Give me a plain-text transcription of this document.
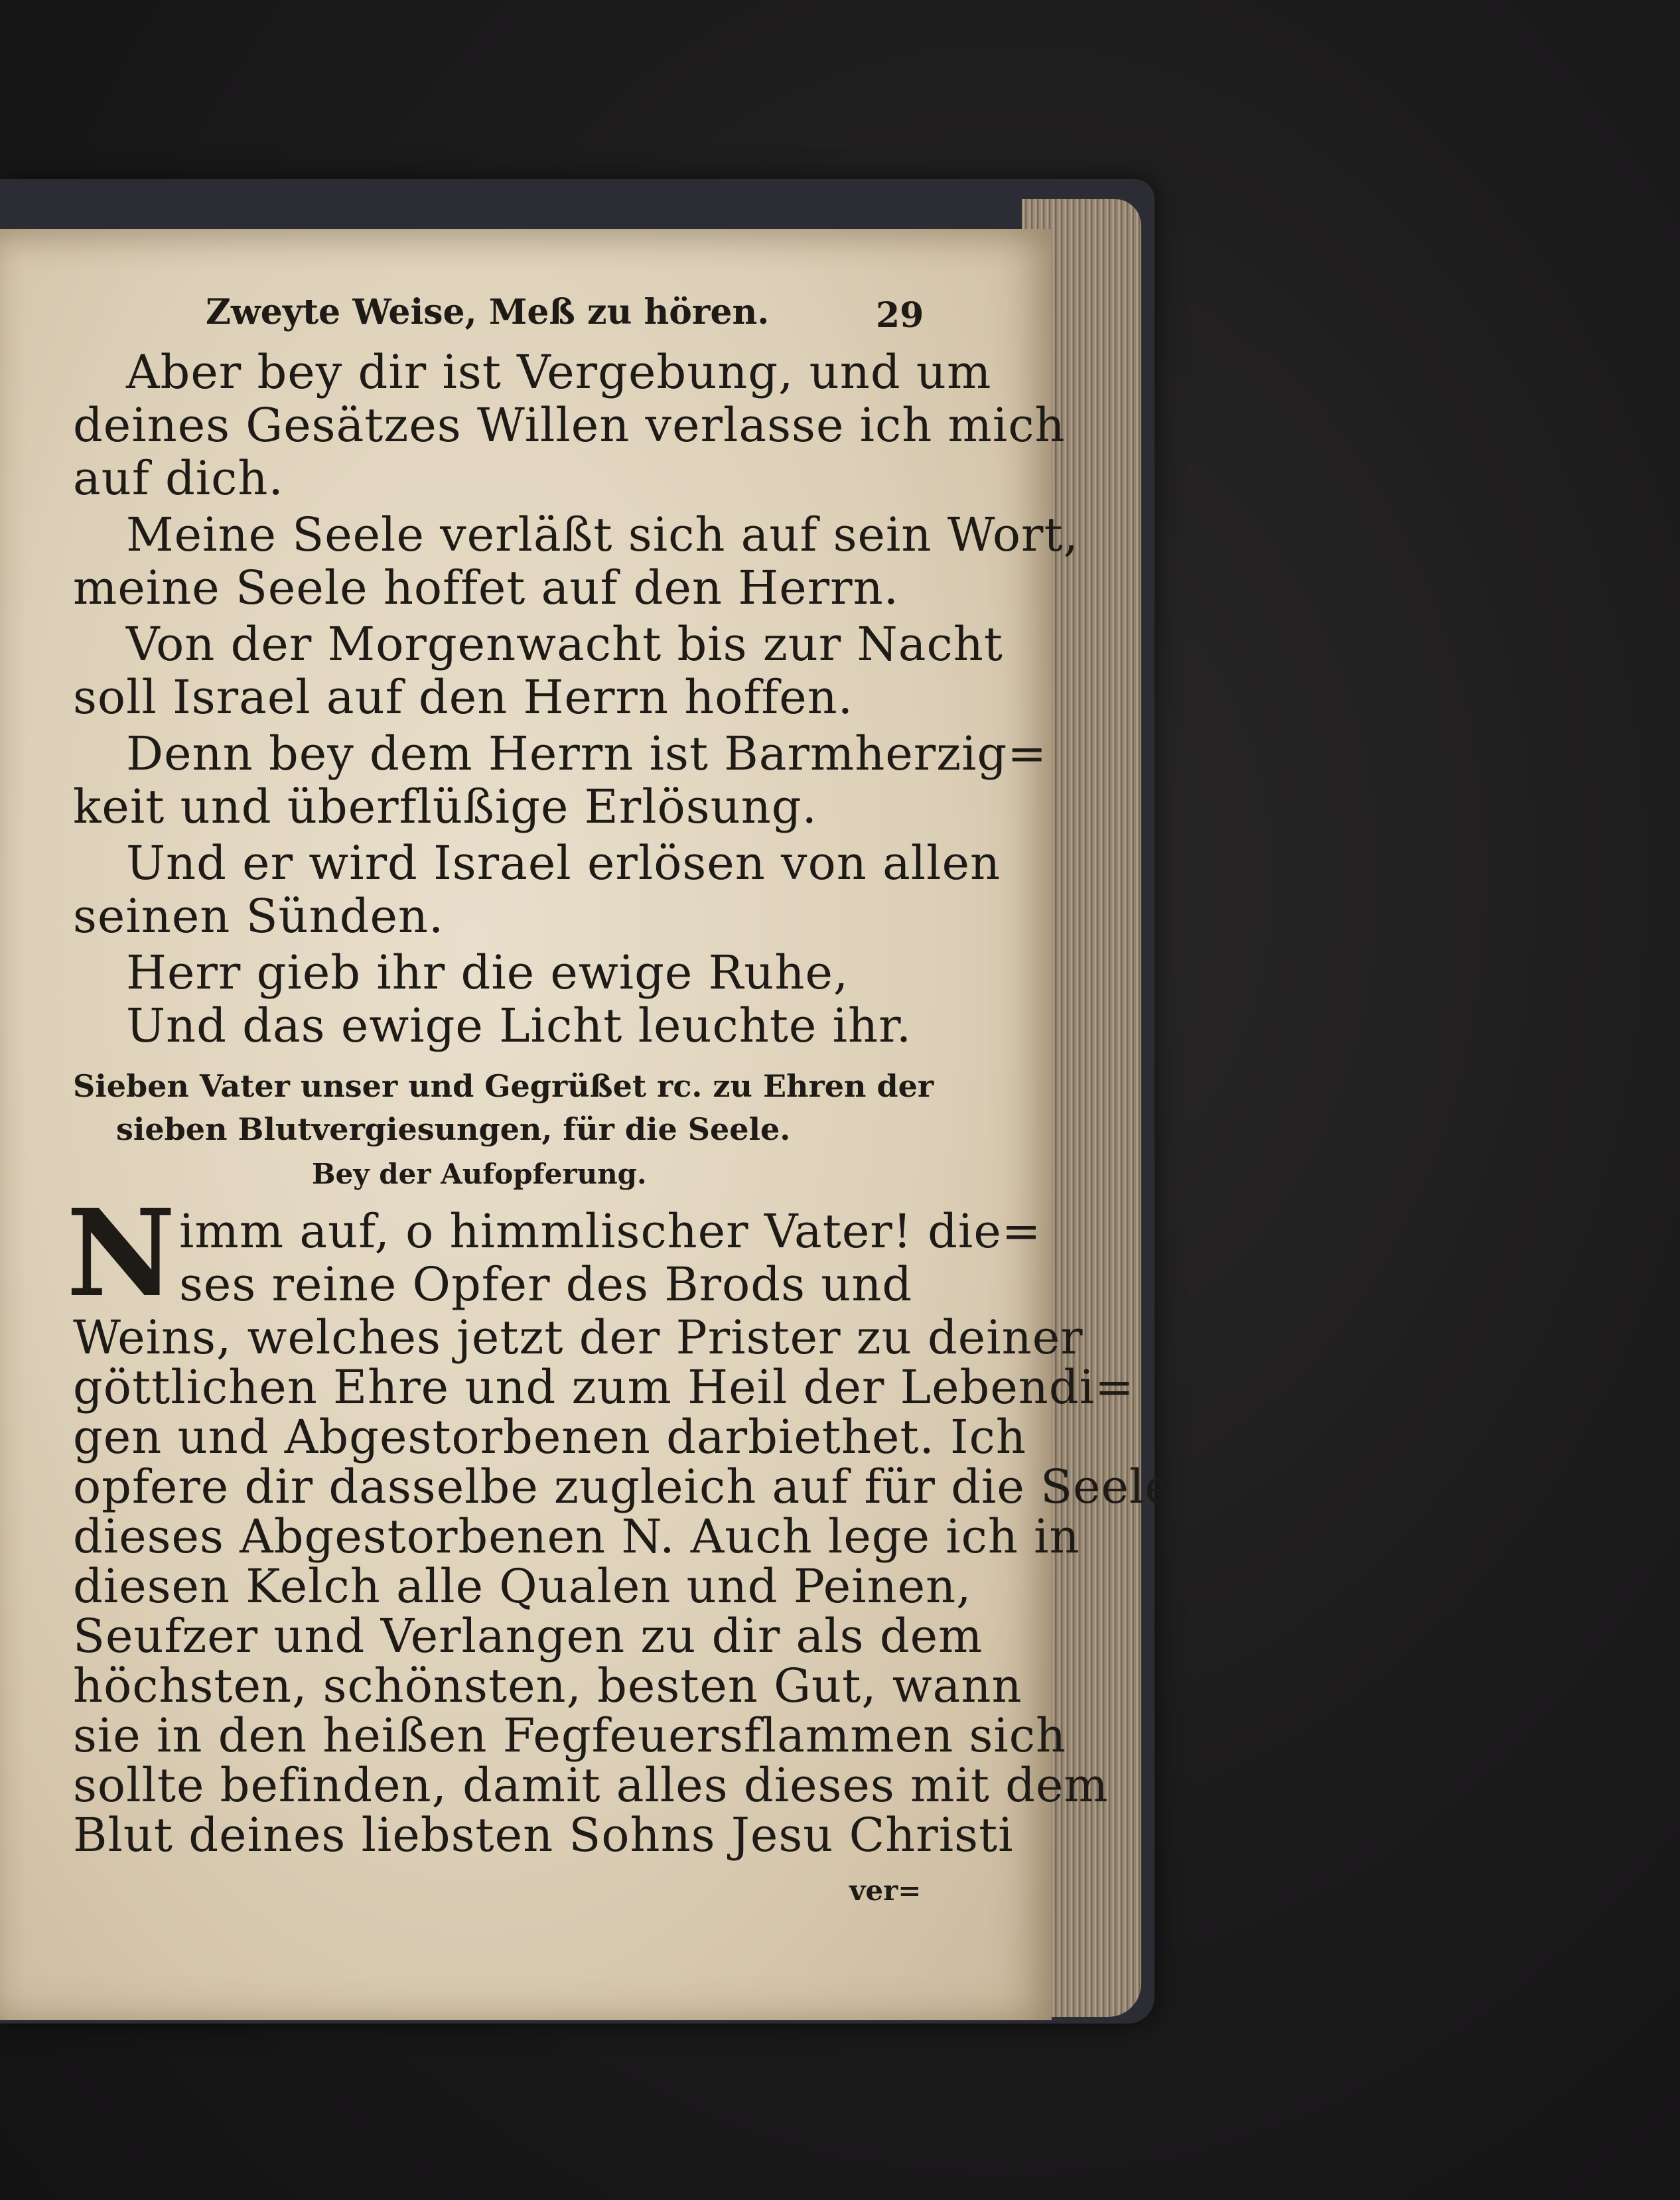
Zweyte Weise, Meß zu hören.	29
Aber bey dir ist Vergebung, und um
deines Gesätzes Willen verlasse ich mich
auf dich.
Meine Seele verläßt sich auf sein Wort,
meine Seele hoffet auf den Herrn.
Von der Morgenwacht bis zur Nacht
soll Israel auf den Herrn hoffen.
Denn bey dem Herrn ist Barmherzig=
keit und überflüßige Erlösung.
Und er wird Israel erlösen von allen
seinen Sünden.
Herr gieb ihr die ewige Ruhe,
Und das ewige Licht leuchte ihr.
Sieben Vater unser und Gegrüßet rc. zu Ehren der
sieben Blutvergiesungen, für die Seele.
Bey der Aufopferung.
N imm auf, o himmlischer Vater! die=
ses reine Opfer des Brods und
Weins, welches jetzt der Prister zu deiner
göttlichen Ehre und zum Heil der Lebendi=
gen und Abgestorbenen darbiethet. Ich
opfere dir dasselbe zugleich auf für die Seele
dieses Abgestorbenen N. Auch lege ich in
diesen Kelch alle Qualen und Peinen,
Seufzer und Verlangen zu dir als dem
höchsten, schönsten, besten Gut, wann
sie in den heißen Fegfeuersflammen sich
sollte befinden, damit alles dieses mit dem
Blut deines liebsten Sohns Jesu Christi
ver=
